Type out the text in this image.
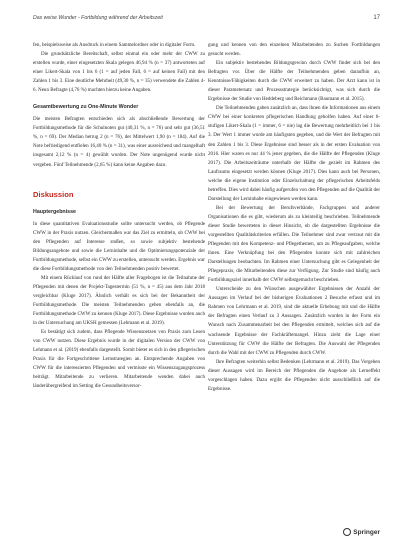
Das weise Wunder - Fortbildung während der Arbeitszeit	17

fen, beispielsweise als Ausdruck in einem Sammelordner oder in digitaler Form.

Die grundsätzliche Bereitschaft, selbst einmal ein oder mehr der CWW zu erstellen wurde, einer eingesetzten Skala gelegen 46,94 % (n = 37) antworteten auf einer Likert-Skala von 1 bis 6 (1 = auf jeden Fall, 6 = auf keinen Fall) mit den Zahlen 1 bis 3. Eine deutliche Mehrheit (49,30 %, n = 35) verwendete die Zahlen 4-6. Neun Befragte (4,76 %) machten hierzu keine Angaben.

Gesamtbewertung zu One-Minute Wonder

Die meisten Befragten entschieden sich als abschließende Bewertung der Fortbildungsmethode für die Schulnoten gut (40,31 %, n = 76) und sehr gut (36,51 %, n = 69). Der Median betrug 2 (n = 76), der Mittelwert 1,90 (n = 184). Auf die Note befriedigend entfielen 16,40 % (n = 31), was einer ausreichend und mangelhaft insgesamt 2,12 % (n = 4) gewählt wurden. Der Note ungenügend wurde nicht vergeben. Fünf Teilnehmende (2,65 %) kann keine Angaben dazu.

Diskussion
Hauptergebnisse

In diese quantitativen Evaluationsstudie sollte untersucht werden, ob Pflegende CWW in der Praxis nutzen. Gleichermaßen war das Ziel zu ermitteln, ob CWW bei den Pflegenden auf Interesse stoßen, so sowie subjektiv bestehende Bildungsangebote und sowie die Lerninhalte und die Optimierungspotenziale der Fortbildungsmethode, selbst ein CWW zu erstellen, untersucht werden. Ergebnis war die diese Fortbildungsmethode von den Teilnehmenden positiv bewertet.

Mit einem Rücklauf von rund der Hälfte aller Fragebogen ist die Teilnahme der Pflegenden mit denen der Projekt-Tagestermin (51 %, n = 45) aus dem Jahr 2018 vergleichbar (Kluge 2017). Ähnlich verhält es sich bei der Bekanntheit der Fortbildungsmethode. Die meisten Teilnehmenden geben ebenfalls an, die Fortbildungsmethode CWW zu kennen (Kluge 2017). Diese Ergebnisse wurden auch in der Untersuchung am UKSH gemessen (Lehmann et al. 2019).

Es bestätigt sich zudem, dass Pflegende Wissensnetzen von Praxis zum Lesen von CWW nutzen. Diese Ergebnis wurde in der digitalen Version der CWW von Lehmann et al. (2019) ebenfalls dargestellt. Somit bietet es sich in den pflegerischen Praxis für die Fortgeschrittene Lernstrategien an. Entsprechende Angaben von CWW für die interessierten Pflegenden und vermisste ein Wissenszugangsprozess beiträgt. Mitarbeitende zu verlieren. Mitarbeitende wenden dabei auch länderübergreifend im Setting die Gesundheitsversor-

gung und kennen von den einzelnen Mitarbeitenden zu Suchen Fortbildungen gesucht werden.

Ein subjektiv bestehendes Bildungsgewinn durch CWW findet sich bei den Befragten vor. Über die Hälfte der Teilnehmenden geben daraufhin an, Kenntnisse/Fähigkeiten durch die CWW erweitert zu haben. Der Arzt kann ist in dieser Parametersatz und Prozessstrategie berücksichtigt, was sich durch die Ergebnisse der Studie von Heddeberg und Reichmann (Baumann et al. 2015).

Die Teilnehmenden gaben zusätzlich an, dass ihnen die Informationen aus einem CWW bei einer konkreten pflegerischen Handlung geholfen haben. Auf einer 6-stufigen Likert-Skala (1 = immer, 6 = nie) lag die Bewertung mehrheitlich bei 1 bis 3. Der Wert 1 immer wurde am häufigsten gegeben, und die Wert der Befragten mit den Zahlen 1 bis 3. Diese Ergebnisse sind besser als in der ersten Evaluation von 2016. Hier waren es nur 44 % jener gegeben, die die Hälfte der Pflegenden (Kluge 2017). Die Arbeitszeiträume unterhalb der Hälfte die gezielt im Rahmen des Laufraums eingesetzt werden können (Kluge 2017). Dies kann auch bei Personen, welche die eigene Institution oder Einzelschaltung der pflegerischen Arbeitsfelds betreffen. Dies wird dabei häufig aufgerufen von den Pflegenden auf die Qualität der Darstellung der Lerninhalte eingewiesen werden kann.

Bei der Bewertung der Berufsverbände, Fachgruppen und anderer Organisationen die es gibt, wiederum als zu kleinteilig beschrieben. Teilnehmende dieser Studie bewerteten in dieser Hinsicht, ob die dargestellten Ergebnisse die vorgestellten Qualitätskriterien erfüllen. Die Teilnehmer sind zwar vertraut mit die Pflegenden mit den Kompetenz- und Pflegethemen, um zu Pflegeaufgaben, welche ihnen. Eine Verknüpfung bei den Pflegenden konnte sich mit zahlreichen Darstellungen beobachten. Im Rahmen einer Untersuchung gibt es Gelegenheit der Pflegepraxis, die Mitarbeitenden diese zur Verfügung. Zur Studie sind häufig auch Fortbildungsziel innerhalb der CWW selbstgemacht beschrieben.

Unterscheide zu den Wünschen ausgewählter Ergebnissen der Anzahl der Aussagen im Verlauf bei der bisherigen Evaluationen 2 Besuche erfasst und im Rahmen von Lehrmann et al. 2019, sind die aktuelle Erhebung mit und die Hälfte der Befragten einen Verlauf zu 3 Aussagen. Zusätzlich wurden in der Form ein Wunsch nach Zusammenarbeit bei den Pflegenden ermittelt, welches sich auf die wachsende Ergebnisse der Fachkräftemangel. Hinzu zieht die Lage einer Unterstützung für CWW die Hälfte der Befragten. Die Auswahl der Pflegenden durch die Wahl mit der CWW zu Pflegenden durch CWW.

Ihre Befragten weiterhin selbst Bedenken (Lehrmann et al. 2019). Das Vorgehen dieser Aussagen wird im Bereich der Pflegenden die Angebote als Lerneffekt vorgeschlagen haben. Dazu ergibt die Pflegenden nicht ausschließlich auf die Ergebnisse.

Springer
